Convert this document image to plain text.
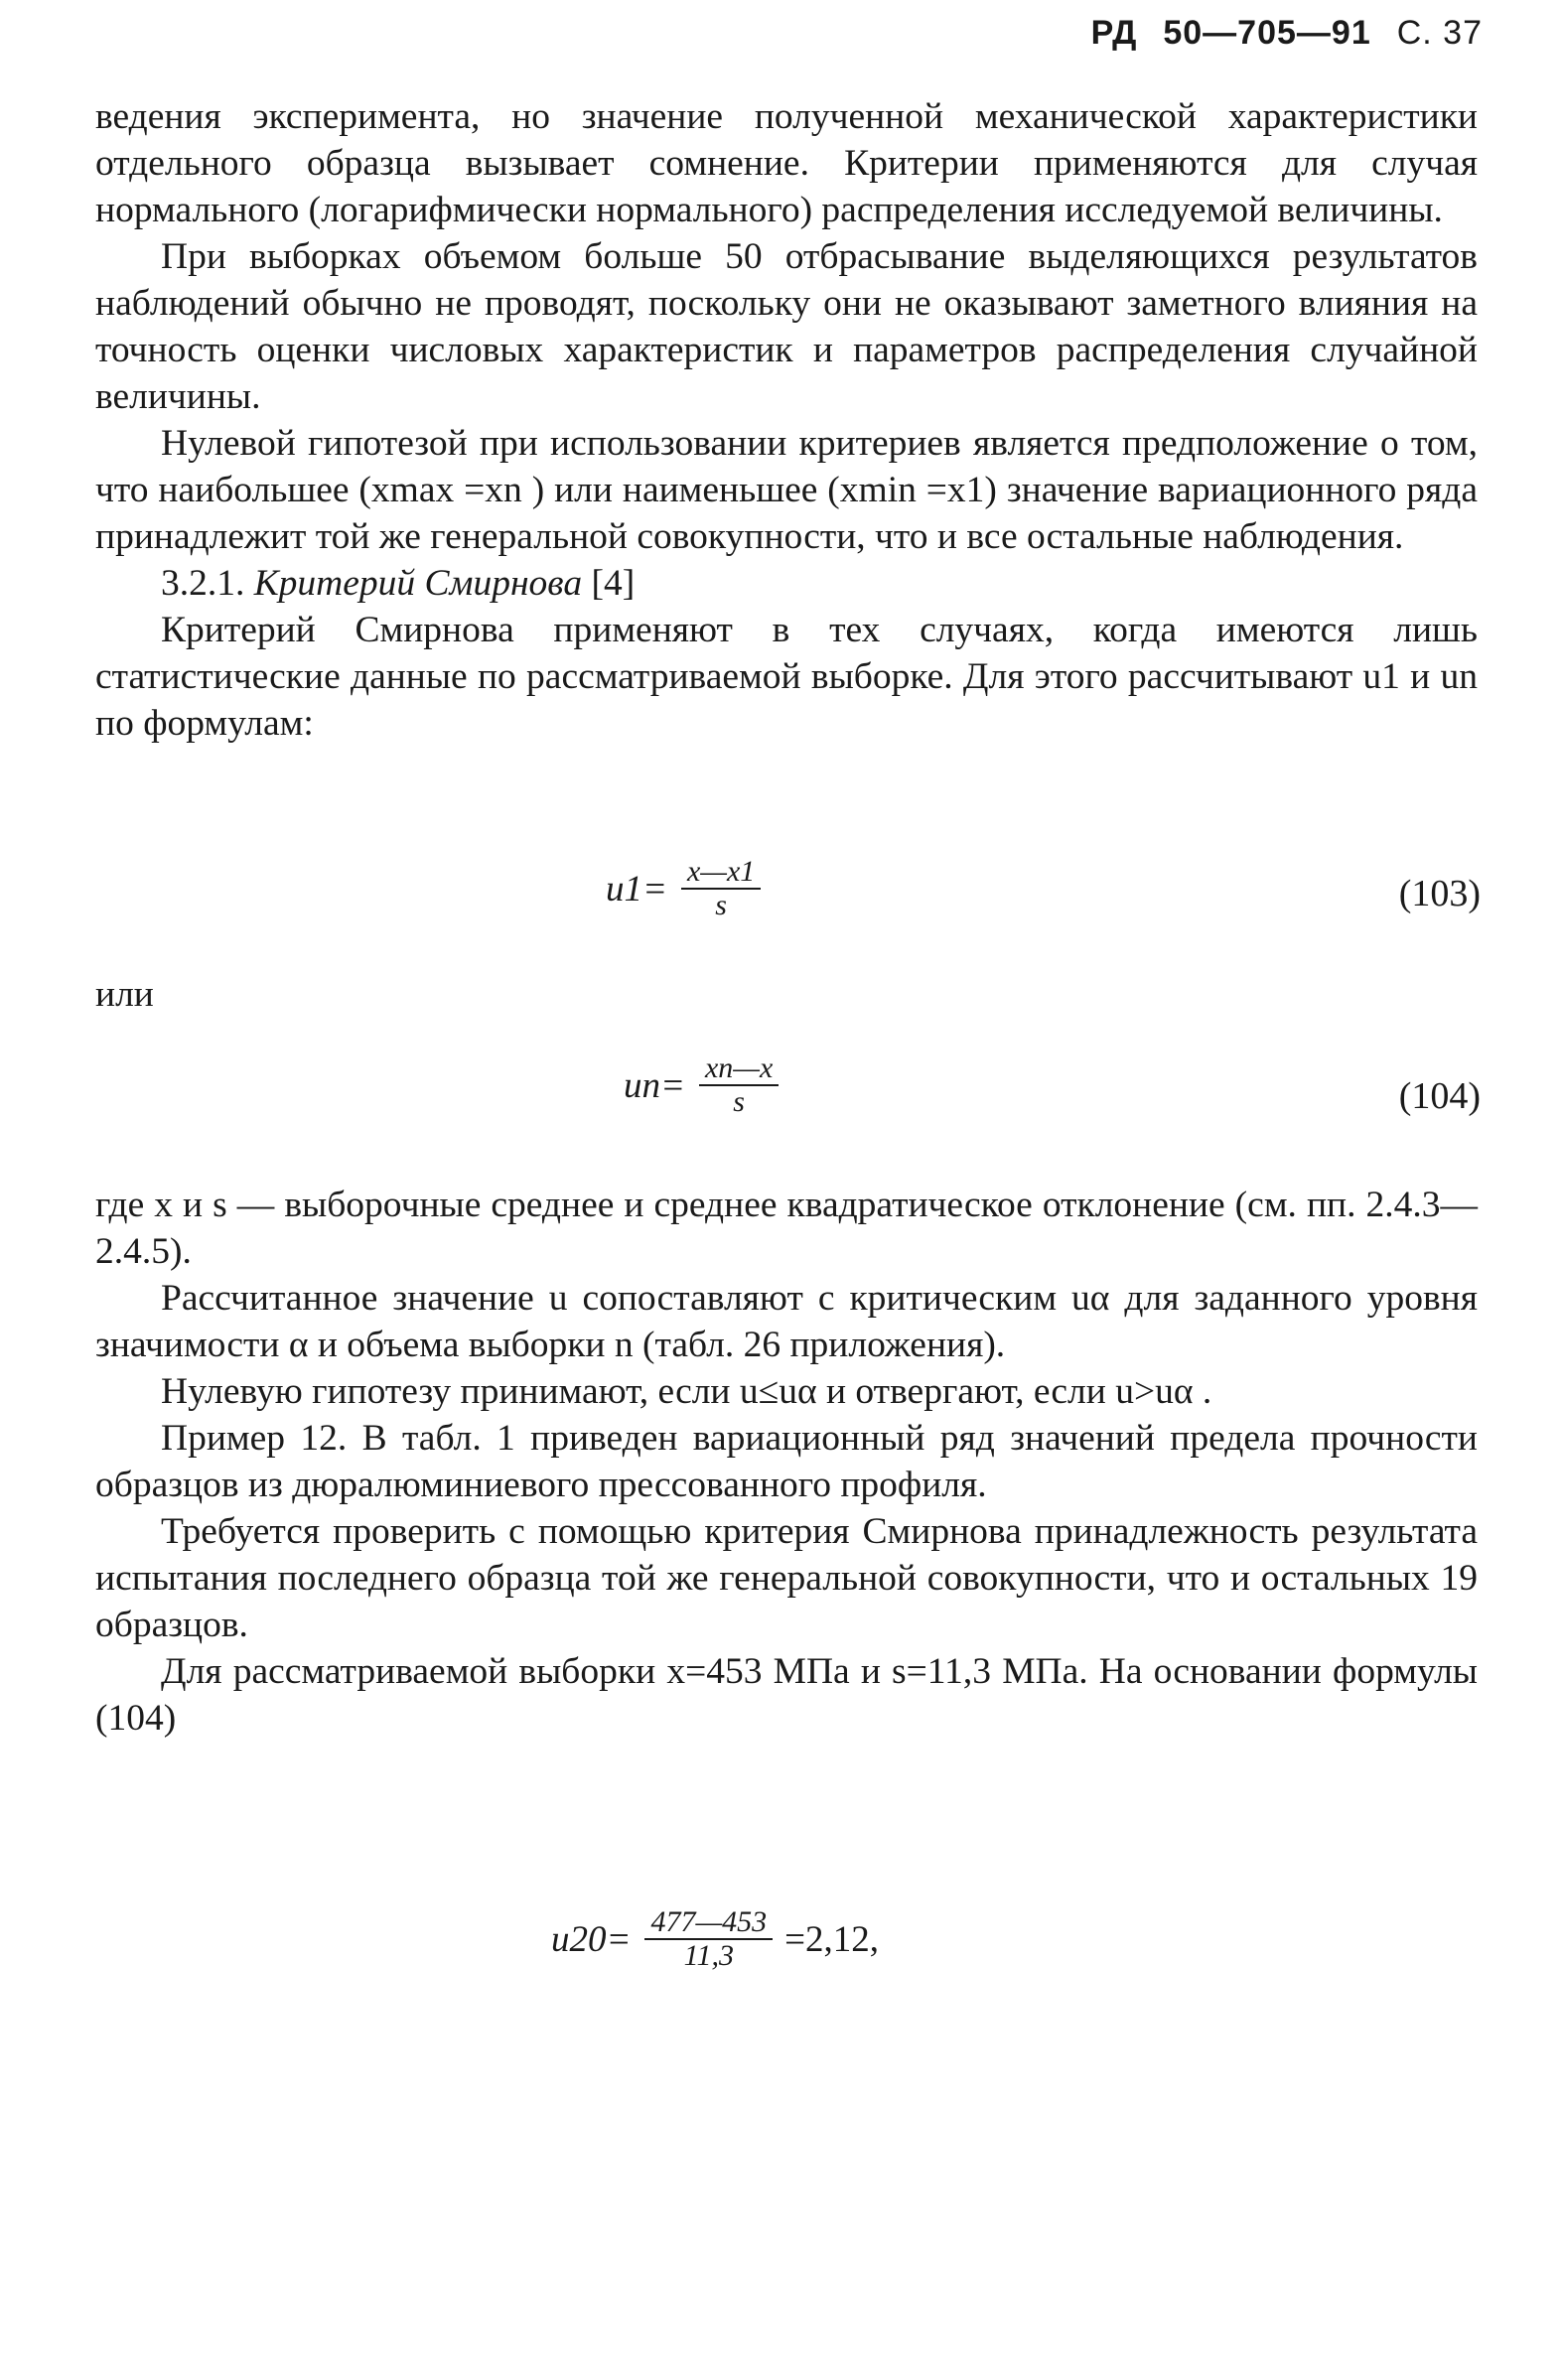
РД 50—705—91 С. 37

ведения эксперимента, но значение полученной механической характеристики отдельного образца вызывает сомнение. Критерии применяются для случая нормального (логарифмически нормального) распределения исследуемой величины.

При выборках объемом больше 50 отбрасывание выделяющихся результатов наблюдений обычно не проводят, поскольку они не оказывают заметного влияния на точность оценки числовых характеристик и параметров распределения случайной величины.

Нулевой гипотезой при использовании критериев является предположение о том, что наибольшее (xmax =xn ) или наименьшее (xmin =x1) значение вариационного ряда принадлежит той же генеральной совокупности, что и все остальные наблюдения.

3.2.1. Критерий Смирнова [4]

Критерий Смирнова применяют в тех случаях, когда имеются лишь статистические данные по рассматриваемой выборке. Для этого рассчитывают u1 и un по формулам:

$u1= \frac{x—x1}{s}$	(103)

или

$un= \frac{xn—x}{s}$	(104)

где x и s — выборочные среднее и среднее квадратическое отклонение (см. пп. 2.4.3—2.4.5).

Рассчитанное значение u сопоставляют с критическим uα для заданного уровня значимости α и объема выборки n (табл. 26 приложения).

Нулевую гипотезу принимают, если u≤uα и отвергают, если u>uα .

Пример 12. В табл. 1 приведен вариационный ряд значений предела прочности образцов из дюралюминиевого прессованного профиля.

Требуется проверить с помощью критерия Смирнова принадлежность результата испытания последнего образца той же генеральной совокупности, что и остальных 19 образцов.

Для рассматриваемой выборки x=453 МПа и s=11,3 МПа. На основании формулы (104)

$u20= \frac{477—453}{11,3} =2,12$,
